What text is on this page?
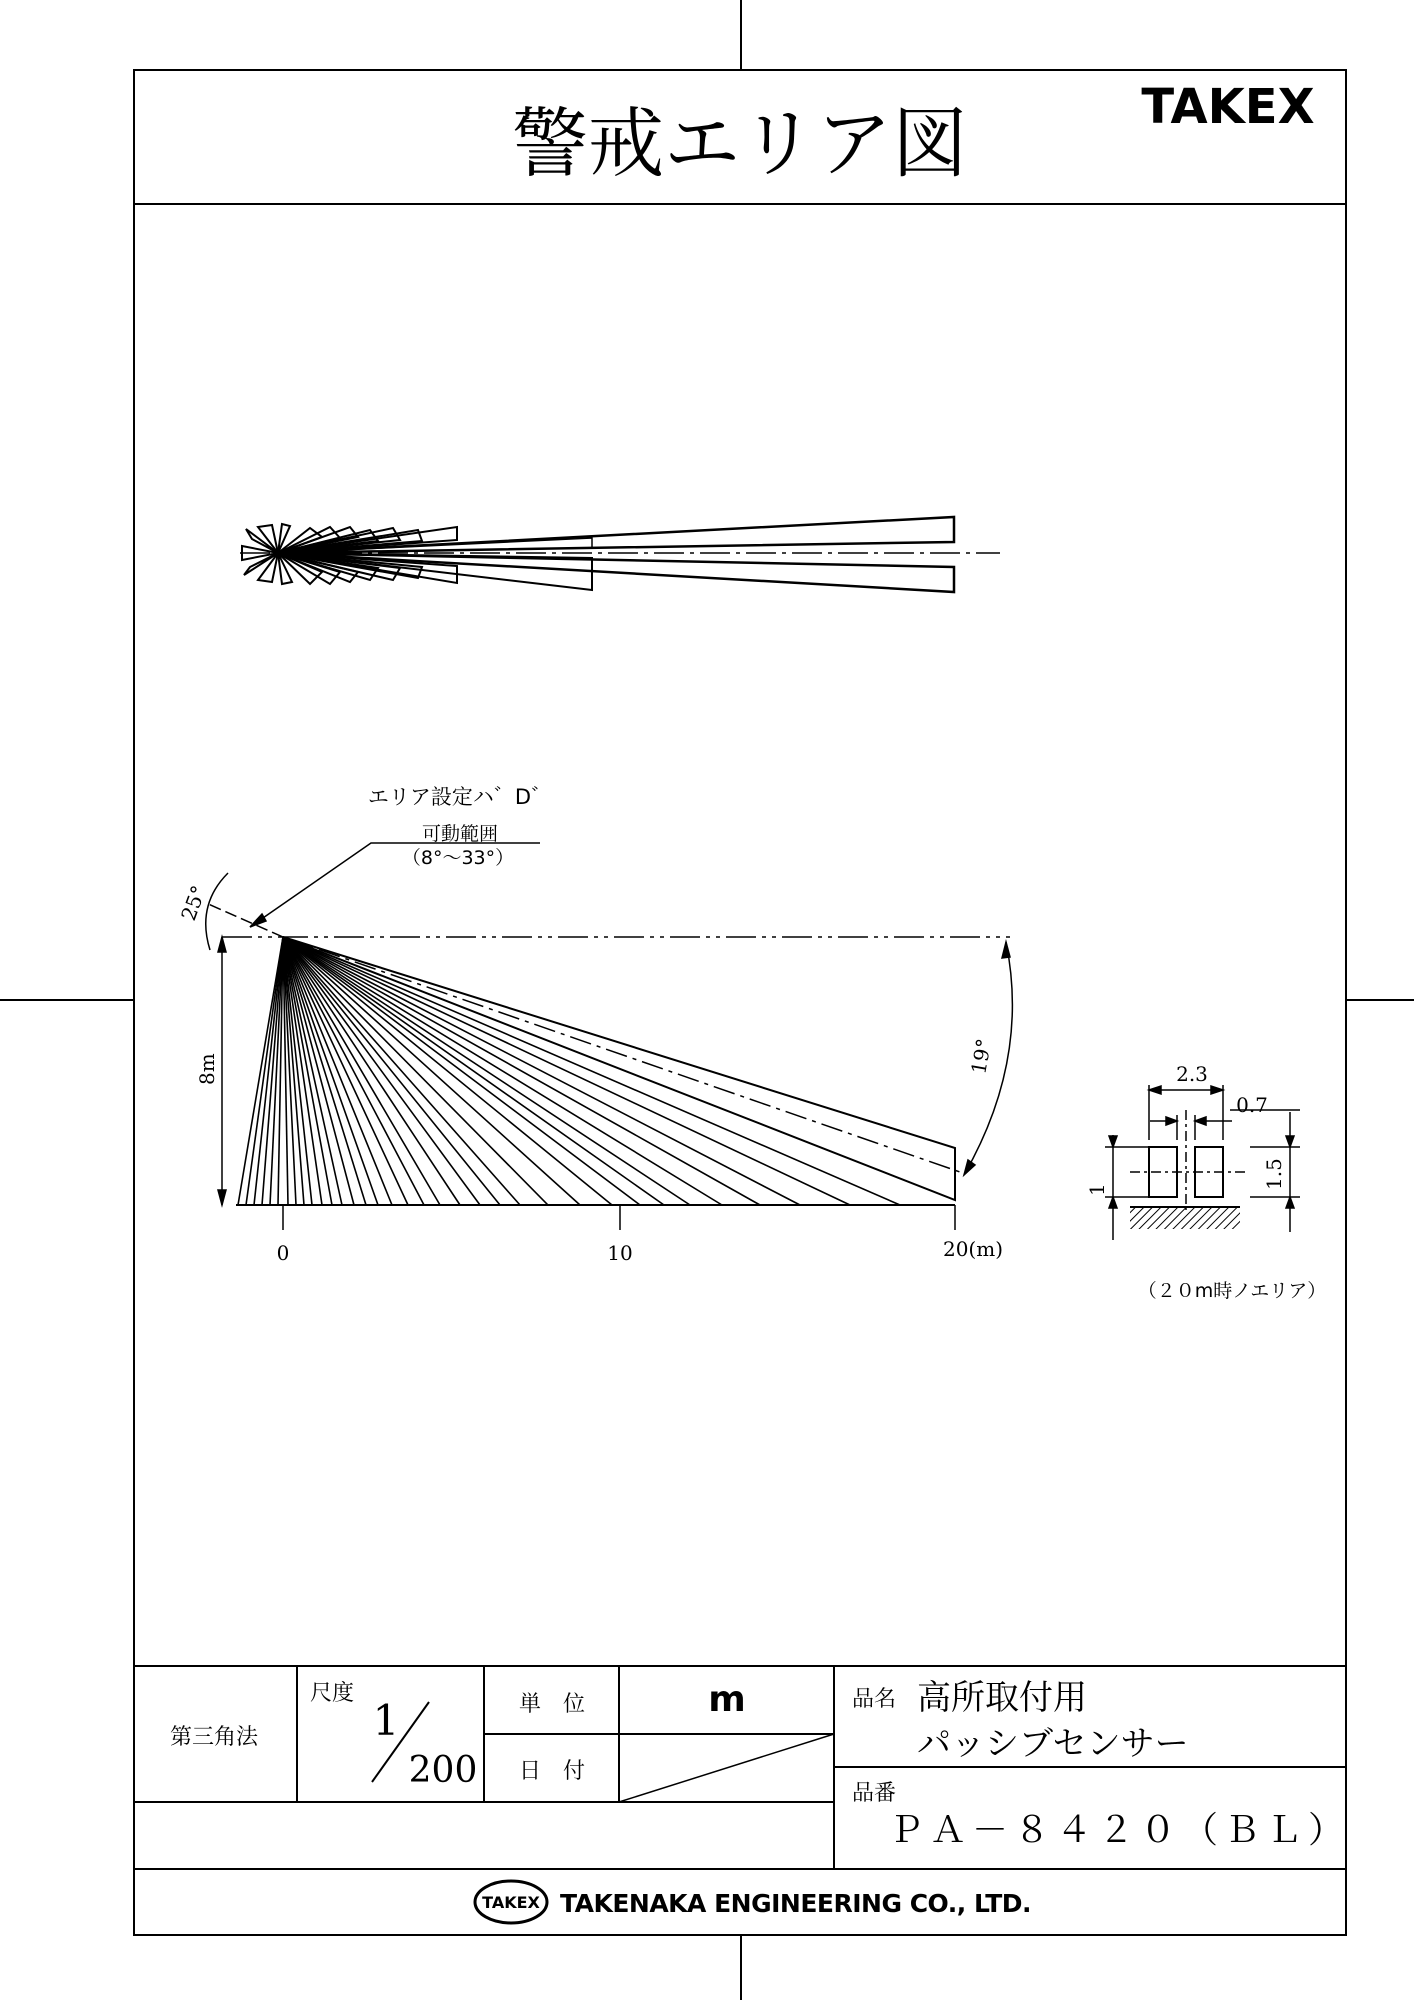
警戒エリア図	TAKEX
25°
エリア設定ハ゛D゛
可動範囲
（8°～33°）
19°
8m
0	10	20(m)
2.3
0.7
1.5
1
（２０m時ノエリア）
第三角法
尺度
1
200
単　位	m
日　付
品名 高所取付用
パッシブセンサー
品番
ＰＡ－８４２０（ＢＬ）
TAKEX TAKENAKA ENGINEERING CO., LTD.
